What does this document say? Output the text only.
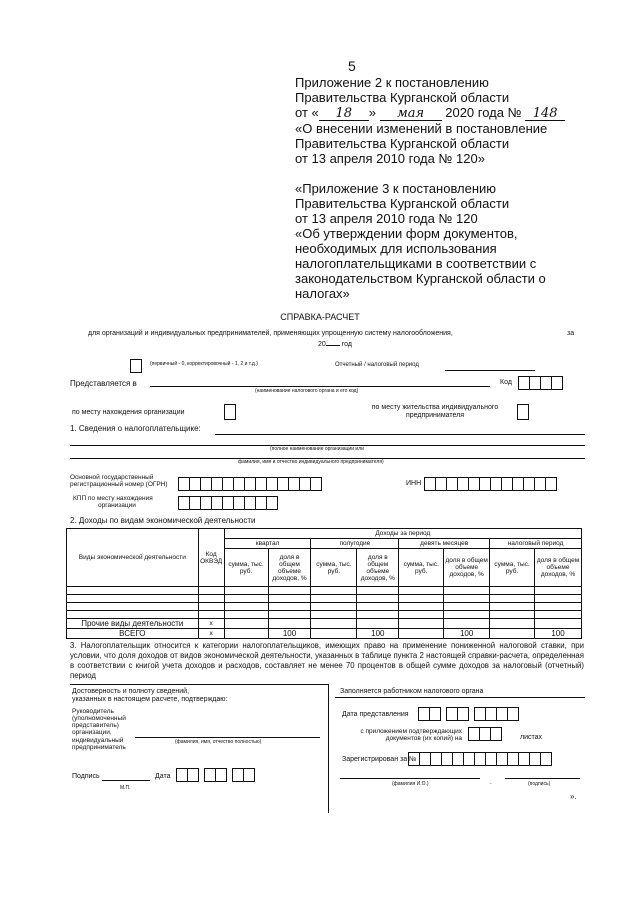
5
Приложение 2 к постановлению
Правительства Курганской области
от « 18 » мая 2020 года № 148
«О внесении изменений в постановление
Правительства Курганской области
от 13 апреля 2010 года № 120»
«Приложение 3 к постановлению
Правительства Курганской области
от 13 апреля 2010 года № 120
«Об утверждении форм документов,
необходимых для использования
налогоплательщиками в соответствии с
законодательством Курганской области о
налогах»
СПРАВКА-РАСЧЕТ
для организаций и индивидуальных предпринимателей, применяющих упрощенную систему налогообложения,	за
20 год
(первичный - 0, корректировочный - 1, 2 и т.д.)	Отчетный / налоговый период
Представляется в
(наименование налогового органа и его код)
Код
по месту нахождения организации
по месту жительства индивидуального
предпринимателя
1. Сведения о налогоплательщике:
(полное наименование организации или
фамилия, имя и отчество индивидуального предпринимателя)
Основной государственный
регистрационный номер (ОГРН)	ИНН
КПП по месту нахождения
организации
2. Доходы по видам экономической деятельности
Виды экономической деятельности	Код ОКВЭД	Доходы за период							
		квартал		полугодие		девять месяцев		налоговый период	
		сумма, тыс. руб.	доля в общем объеме доходов, %	сумма, тыс. руб.	доля в общем объеме доходов, %	сумма, тыс. руб.	доля в общем объеме доходов, %	сумма, тыс. руб.	доля в общем объеме доходов, %

Прочие виды деятельности	х								
ВСЕГО	х		100		100		100		100
3. Налогоплательщик относится к категории налогоплательщиков, имеющих право на применение пониженной налоговой ставки, при условии, что доля доходов от видов экономической деятельности, указанных в таблице пункта 2 настоящей справки-расчета, определенная в соответствии с книгой учета доходов и расходов, составляет не менее 70 процентов в общей сумме доходов за налоговый (отчетный) период
Достоверность и полноту сведений,
указанных в настоящем расчете, подтверждаю:
Руководитель
(уполномоченный
представитель)
организации,
индивидуальный
предприниматель
(фамилия, имя, отчество полностью)
Подпись	Дата
М.П.
Заполняется работником налогового органа
Дата представления
с приложением подтверждающих
документов (их копий) на	листах
Зарегистрирован за №
(фамилия И.О.)	(подпись)
-
».
